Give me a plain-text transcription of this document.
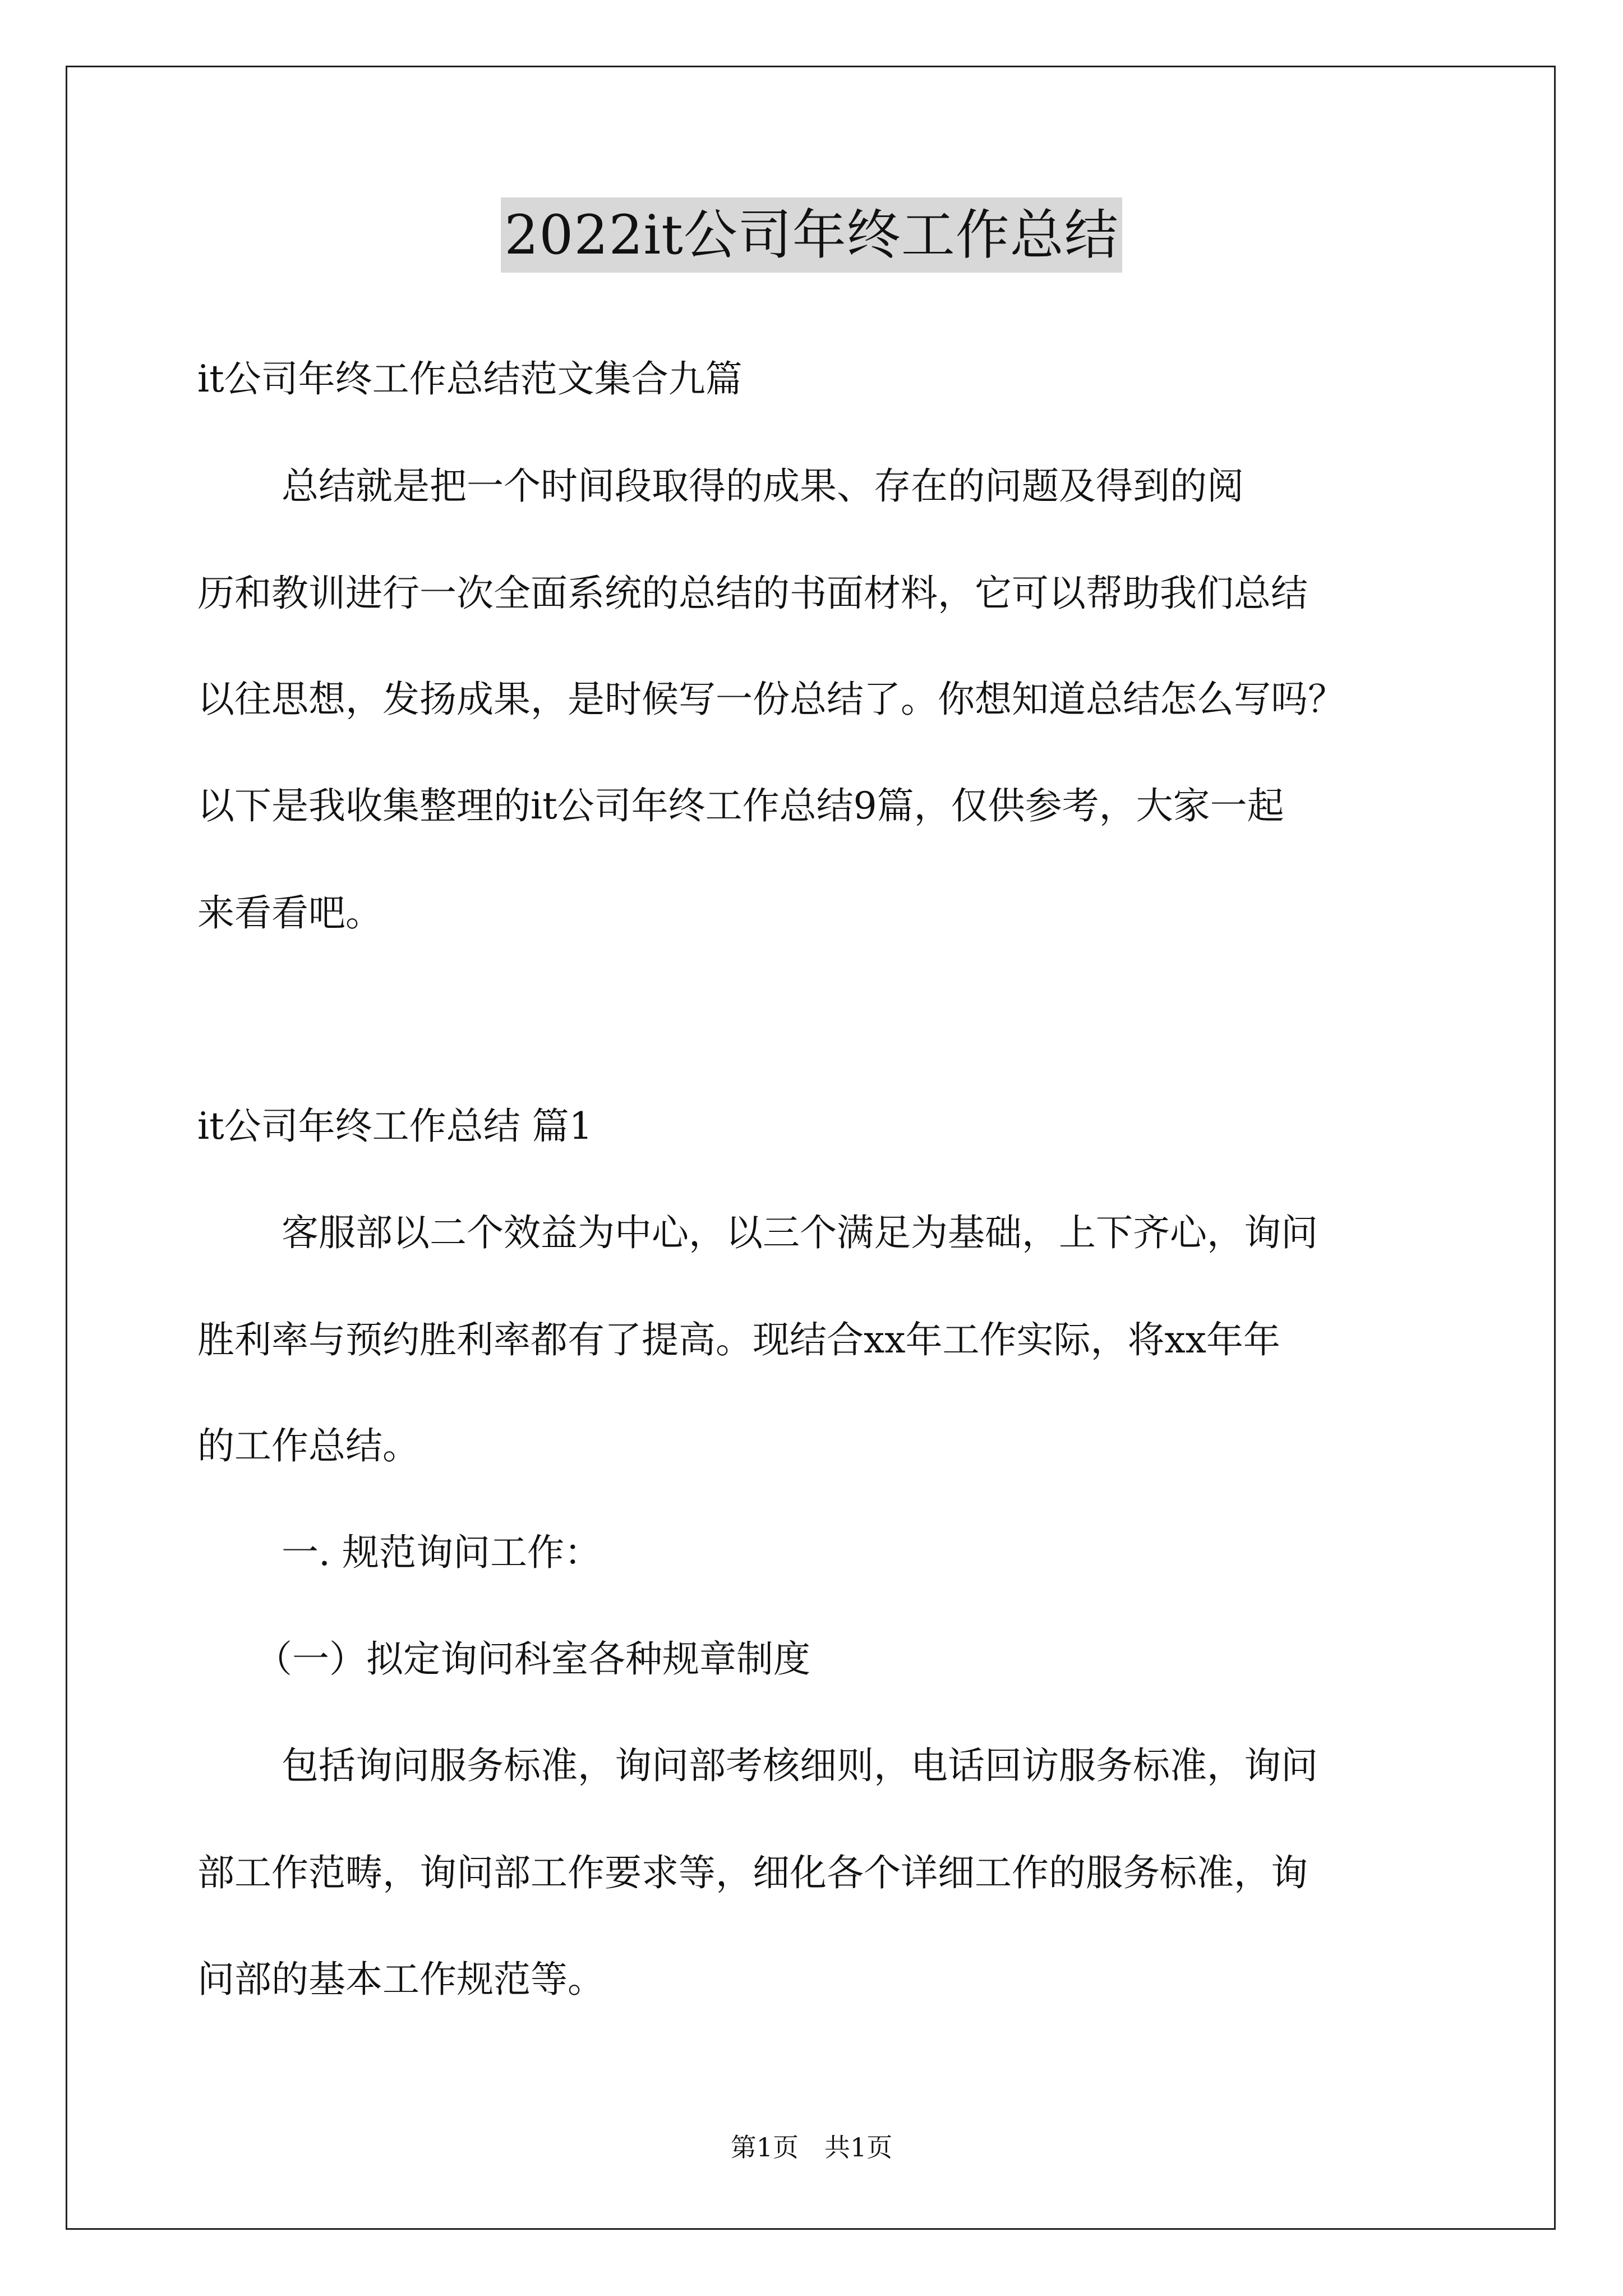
2022it公司年终工作总结
it公司年终工作总结范文集合九篇
总结就是把一个时间段取得的成果、存在的问题及得到的阅
历和教训进行一次全面系统的总结的书面材料，它可以帮助我们总结
以往思想，发扬成果，是时候写一份总结了。你想知道总结怎么写吗？
以下是我收集整理的it公司年终工作总结9篇，仅供参考，大家一起
来看看吧。
it公司年终工作总结 篇1
客服部以二个效益为中心，以三个满足为基础，上下齐心，询问
胜利率与预约胜利率都有了提高。现结合xx年工作实际，将xx年年
的工作总结。
一. 规范询问工作：
（一）拟定询问科室各种规章制度
包括询问服务标准，询问部考核细则，电话回访服务标准，询问
部工作范畴，询问部工作要求等，细化各个详细工作的服务标准，询
问部的基本工作规范等。
第1页　共1页
